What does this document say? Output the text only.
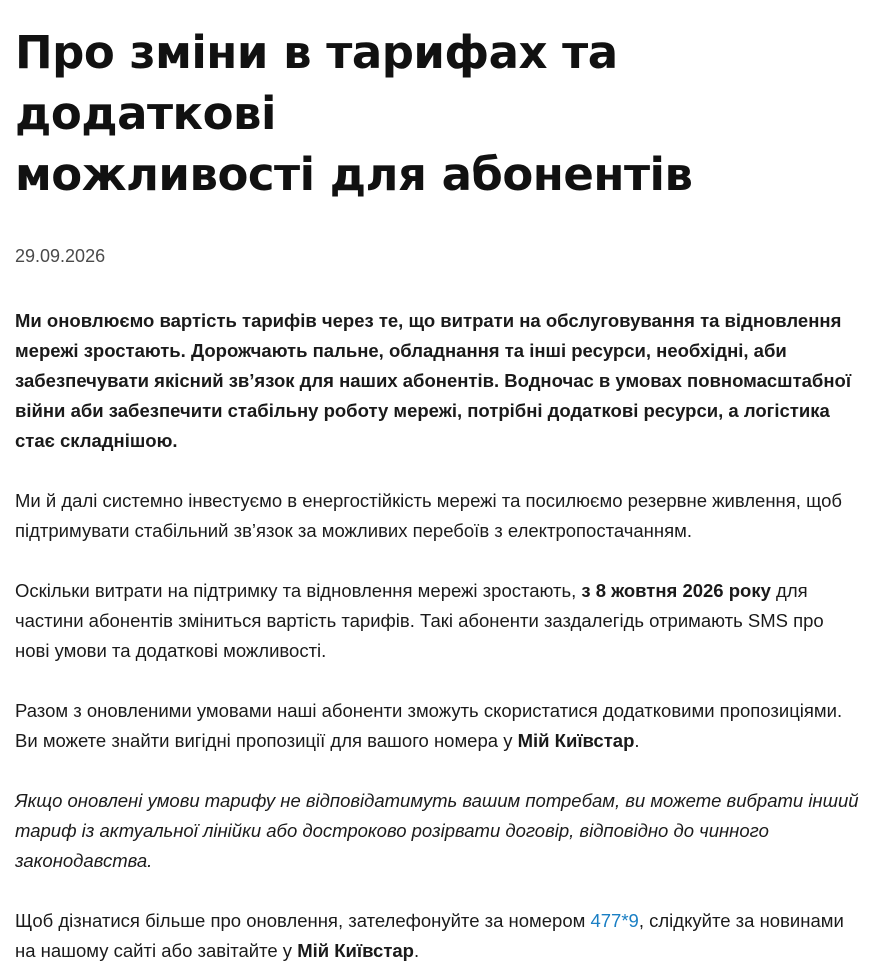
Про зміни в тарифах та додаткові
можливості для абонентів
29.09.2026

Ми оновлюємо вартість тарифів через те, що витрати на обслуговування та відновлення мережі зростають. Дорожчають пальне, обладнання та інші ресурси, необхідні, аби забезпечувати якісний зв’язок для наших абонентів. Водночас в умовах повномасштабної війни аби забезпечити стабільну роботу мережі, потрібні додаткові ресурси, а логістика стає складнішою.

Ми й далі системно інвестуємо в енергостійкість мережі та посилюємо резервне живлення, щоб підтримувати стабільний зв’язок за можливих перебоїв з електропостачанням.

Оскільки витрати на підтримку та відновлення мережі зростають, з 8 жовтня 2026 року для частини абонентів зміниться вартість тарифів. Такі абоненти заздалегідь отримають SMS про нові умови та додаткові можливості.

Разом з оновленими умовами наші абоненти зможуть скористатися додатковими пропозиціями. Ви можете знайти вигідні пропозиції для вашого номера у Мій Київстар.

Якщо оновлені умови тарифу не відповідатимуть вашим потребам, ви можете вибрати інший тариф із актуальної лінійки або достроково розірвати договір, відповідно до чинного законодавства.

Щоб дізнатися більше про оновлення, зателефонуйте за номером 477*9, слідкуйте за новинами на нашому сайті або завітайте у Мій Київстар.
